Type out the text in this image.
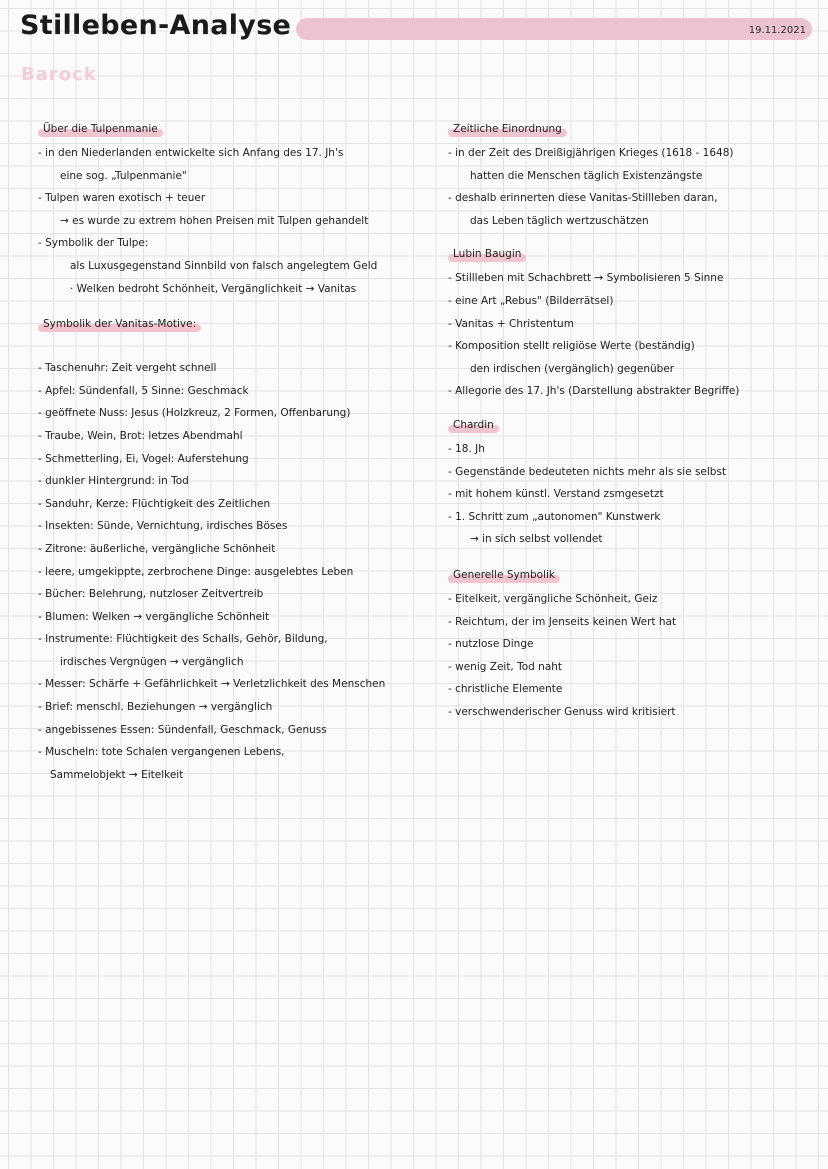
Stilleben-Analyse	19.11.2021
Barock
Über die Tulpenmanie
- in den Niederlanden entwickelte sich Anfang des 17. Jh's
eine sog. „Tulpenmanie"
- Tulpen waren exotisch + teuer
→ es wurde zu extrem hohen Preisen mit Tulpen gehandelt
- Symbolik der Tulpe:
als Luxusgegenstand Sinnbild von falsch angelegtem Geld
· Welken bedroht Schönheit, Vergänglichkeit → Vanitas
Symbolik der Vanitas-Motive:
- Taschenuhr: Zeit vergeht schnell
- Apfel: Sündenfall, 5 Sinne: Geschmack
- geöffnete Nuss: Jesus (Holzkreuz, 2 Formen, Offenbarung)
- Traube, Wein, Brot: letzes Abendmahl
- Schmetterling, Ei, Vogel: Auferstehung
- dunkler Hintergrund: in Tod
- Sanduhr, Kerze: Flüchtigkeit des Zeitlichen
- Insekten: Sünde, Vernichtung, irdisches Böses
- Zitrone: äußerliche, vergängliche Schönheit
- leere, umgekippte, zerbrochene Dinge: ausgelebtes Leben
- Bücher: Belehrung, nutzloser Zeitvertreib
- Blumen: Welken → vergängliche Schönheit
- Instrumente: Flüchtigkeit des Schalls, Gehör, Bildung,
irdisches Vergnügen → vergänglich
- Messer: Schärfe + Gefährlichkeit → Verletzlichkeit des Menschen
- Brief: menschl. Beziehungen → vergänglich
- angebissenes Essen: Sündenfall, Geschmack, Genuss
- Muscheln: tote Schalen vergangenen Lebens,
Sammelobjekt → Eitelkeit
Zeitliche Einordnung
- in der Zeit des Dreißigjährigen Krieges (1618 - 1648)
hatten die Menschen täglich Existenzängste
- deshalb erinnerten diese Vanitas-Stillleben daran,
das Leben täglich wertzuschätzen
Lubin Baugin
- Stillleben mit Schachbrett → Symbolisieren 5 Sinne
- eine Art „Rebus" (Bilderrätsel)
- Vanitas + Christentum
- Komposition stellt religiöse Werte (beständig)
den irdischen (vergänglich) gegenüber
- Allegorie des 17. Jh's (Darstellung abstrakter Begriffe)
Chardin
- 18. Jh
- Gegenstände bedeuteten nichts mehr als sie selbst
- mit hohem künstl. Verstand zsmgesetzt
- 1. Schritt zum „autonomen" Kunstwerk
→ in sich selbst vollendet
Generelle Symbolik
- Eitelkeit, vergängliche Schönheit, Geiz
- Reichtum, der im Jenseits keinen Wert hat
- nutzlose Dinge
- wenig Zeit, Tod naht
- christliche Elemente
- verschwenderischer Genuss wird kritisiert
